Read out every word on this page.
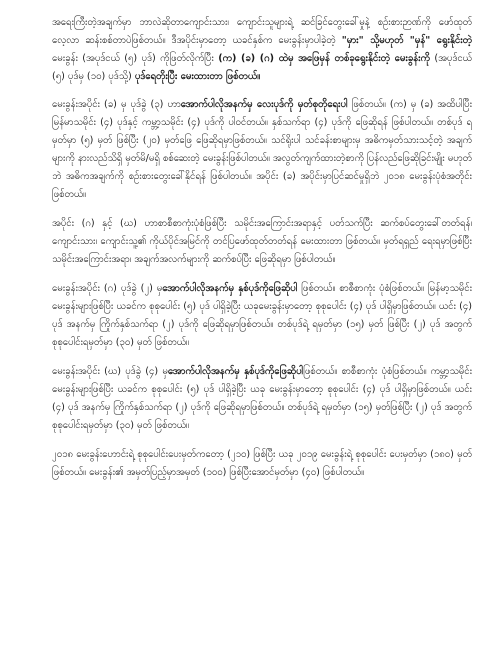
အရေးကြီးတဲ့အချက်မှာ ဘာလဲဆိုတာကျောင်းသား၊ ကျောင်းသူများရဲ့ ဆင်ခြင်တွေးခေါ်မှုနဲ့ စဉ်းစားဉာဏ်ကို ဖော်ထုတ်လေ့လာ ဆန်းစစ်တာပဲဖြစ်တယ်။ ဒီအပိုင်းမှာတော့ ယခင်နှစ်က မေးခွန်းမှာပါခဲ့တဲ့ "မှား" သို့မဟုတ် "မှန်" ရွေးနိုင်းတဲ့ မေးခွန်း (အပုဒ်ငယ် (၅) ပုဒ်) ကိုဖြတ်လိုက်ပြီး (က) (ခ) (ဂ) ထဲမှ အဖြေမှန် တစ်ခုရွေးနိုင်းတဲ့ မေးခွန်းကို (အပုဒ်ငယ် (၅) ပုဒ်မှ (၁၀) ပုဒ်သို့) ပုဒ်ရေတိုးပြီး မေးထားတာ ဖြစ်တယ်။

မေးခွန်းအပိုင်း (ခ) မှ ပုဒ်ခွဲ (၃) ဟာအောက်ပါလိုအနက်မှ လေးပုဒ်ကို မှတ်စုတိုရေးပါ ဖြစ်တယ်။ (က) မှ (ခ) အထိပါပြီးမြန်မာသမိုင်း (၄) ပုဒ်နှင့် ကမ္ဘာ့သမိုင်း (၄) ပုဒ်ကို ပါဝင်တယ်။ နှစ်သက်ရာ (၄) ပုဒ်ကို ဖြေဆိုရန် ဖြစ်ပါတယ်။ တစ်ပုဒ် ရမှတ်မှာ (၅) မှတ် ဖြစ်ပြီး (၂၀) မှတ်ဖြေ ဖြေဆိုရမှာဖြစ်တယ်။ သင်ရိုးပါ သင်ခန်းစာများမှ အဓိကမှတ်သားသင့်တဲ့ အချက်များကို နားလည်သိရှိ မှတ်မိ/မရှိ စစ်ဆေးတဲ့ မေးခွန်းဖြစ်ပါတယ်။ အလွတ်ကျက်ထားတဲ့စာကို ပြန်လည်ဖြေဆိုခြင်းမျိုး မဟုတ်ဘဲ အဓိကအချက်ကို စဉ်းစားတွေးခေါ်နိုင်ရန် ဖြစ်ပါတယ်။ အပိုင်း (ခ) အပိုင်းမှာပြင်ဆင်မှုရှိဘဲ ၂၀၁၈ မေးခွန်းပုံစံအတိုင်း ဖြစ်တယ်။

အပိုင်း (ဂ) နှင့် (ဃ) ဟာစာစီစာကုံးပုံစံဖြစ်ပြီး သမိုင်းအကြောင်းအရာနှင့် ပတ်သက်ပြီး ဆက်စပ်တွေးခေါ်တတ်ရန်၊ ကျောင်းသား၊ ကျောင်းသူ့၏ ကိုယ်ပိုင်အမြင်ကို တင်ပြဖော်ထုတ်တတ်ရန် မေးထားတာ ဖြစ်တယ်။ မှတ်ရရှည် ရေးရမှာဖြစ်ပြီး သမိုင်းအကြောင်းအရာ၊ အချက်အလက်များကို ဆက်စပ်ပြီး ဖြေဆိုရမှာ ဖြစ်ပါတယ်။

မေးခွန်းအပိုင်း (ဂ) ပုဒ်ခွဲ (၂) မှအောက်ပါလိုအနက်မှ နှစ်ပုဒ်ကိုဖြေဆိုပါ ဖြစ်တယ်။ စာစီစာကုံး ပုံစံဖြစ်တယ်။ မြန်မာ့သမိုင်းမေးခွန်းများဖြစ်ပြီး ယခင်က စုစုပေါင်း (၅) ပုဒ် ပါရှိခဲ့ပြီး ယခုမေးခွန်းမှာတော့ စုစုပေါင်း (၄) ပုဒ် ပါရှိမှာဖြစ်တယ်။ ယင်း (၄) ပုဒ် အနက်မှ ကြိုက်နှစ်သက်ရာ (၂) ပုဒ်ကို ဖြေဆိုရမှာဖြစ်တယ်။ တစ်ပုဒ်ရဲ့ ရမှတ်မှာ (၁၅) မှတ် ဖြစ်ပြီး (၂) ပုဒ် အတွက် စုစုပေါင်းရမှတ်မှာ (၃၀) မှတ် ဖြစ်တယ်။

မေးခွန်းအပိုင်း (ဃ) ပုဒ်ခွဲ (၄) မှအောက်ပါလိုအနက်မှ နှစ်ပုဒ်ကိုဖြေဆိုပါဖြစ်တယ်။ စာစီစာကုံး ပုံစံဖြစ်တယ်။ ကမ္ဘာ့သမိုင်းမေးခွန်းများဖြစ်ပြီး ယခင်က စုစုပေါင်း (၅) ပုဒ် ပါရှိခဲ့ပြီး ယခု မေးခွန်းမှာတော့ စုစုပေါင်း (၄) ပုဒ် ပါရှိမှာဖြစ်တယ်။ ယင်း (၄) ပုဒ် အနက်မှ ကြိုက်နှစ်သက်ရာ (၂) ပုဒ်ကို ဖြေဆိုရမှာဖြစ်တယ်။ တစ်ပုဒ်ရဲ့ ရမှတ်မှာ (၁၅) မှတ်ဖြစ်ပြီး (၂) ပုဒ် အတွက် စုစုပေါင်းရမှတ်မှာ (၃၀) မှတ် ဖြစ်တယ်။

၂၀၁၈ မေးခွန်းဟောင်းရဲ့ စုစုပေါင်းပေးမှတ်ကတော့ (၂၁၀) ဖြစ်ပြီး ယခု ၂၀၁၉ မေးခွန်းရဲ့ စုစုပေါင်း ပေးမှတ်မှာ (၁၈၀) မှတ် ဖြစ်တယ်။ မေးခွန်း၏ အမှတ်ပြည့်မှာအမှတ် (၁၀၀) ဖြစ်ပြီးအောင်မှတ်မှာ (၄၀) ဖြစ်ပါတယ်။
